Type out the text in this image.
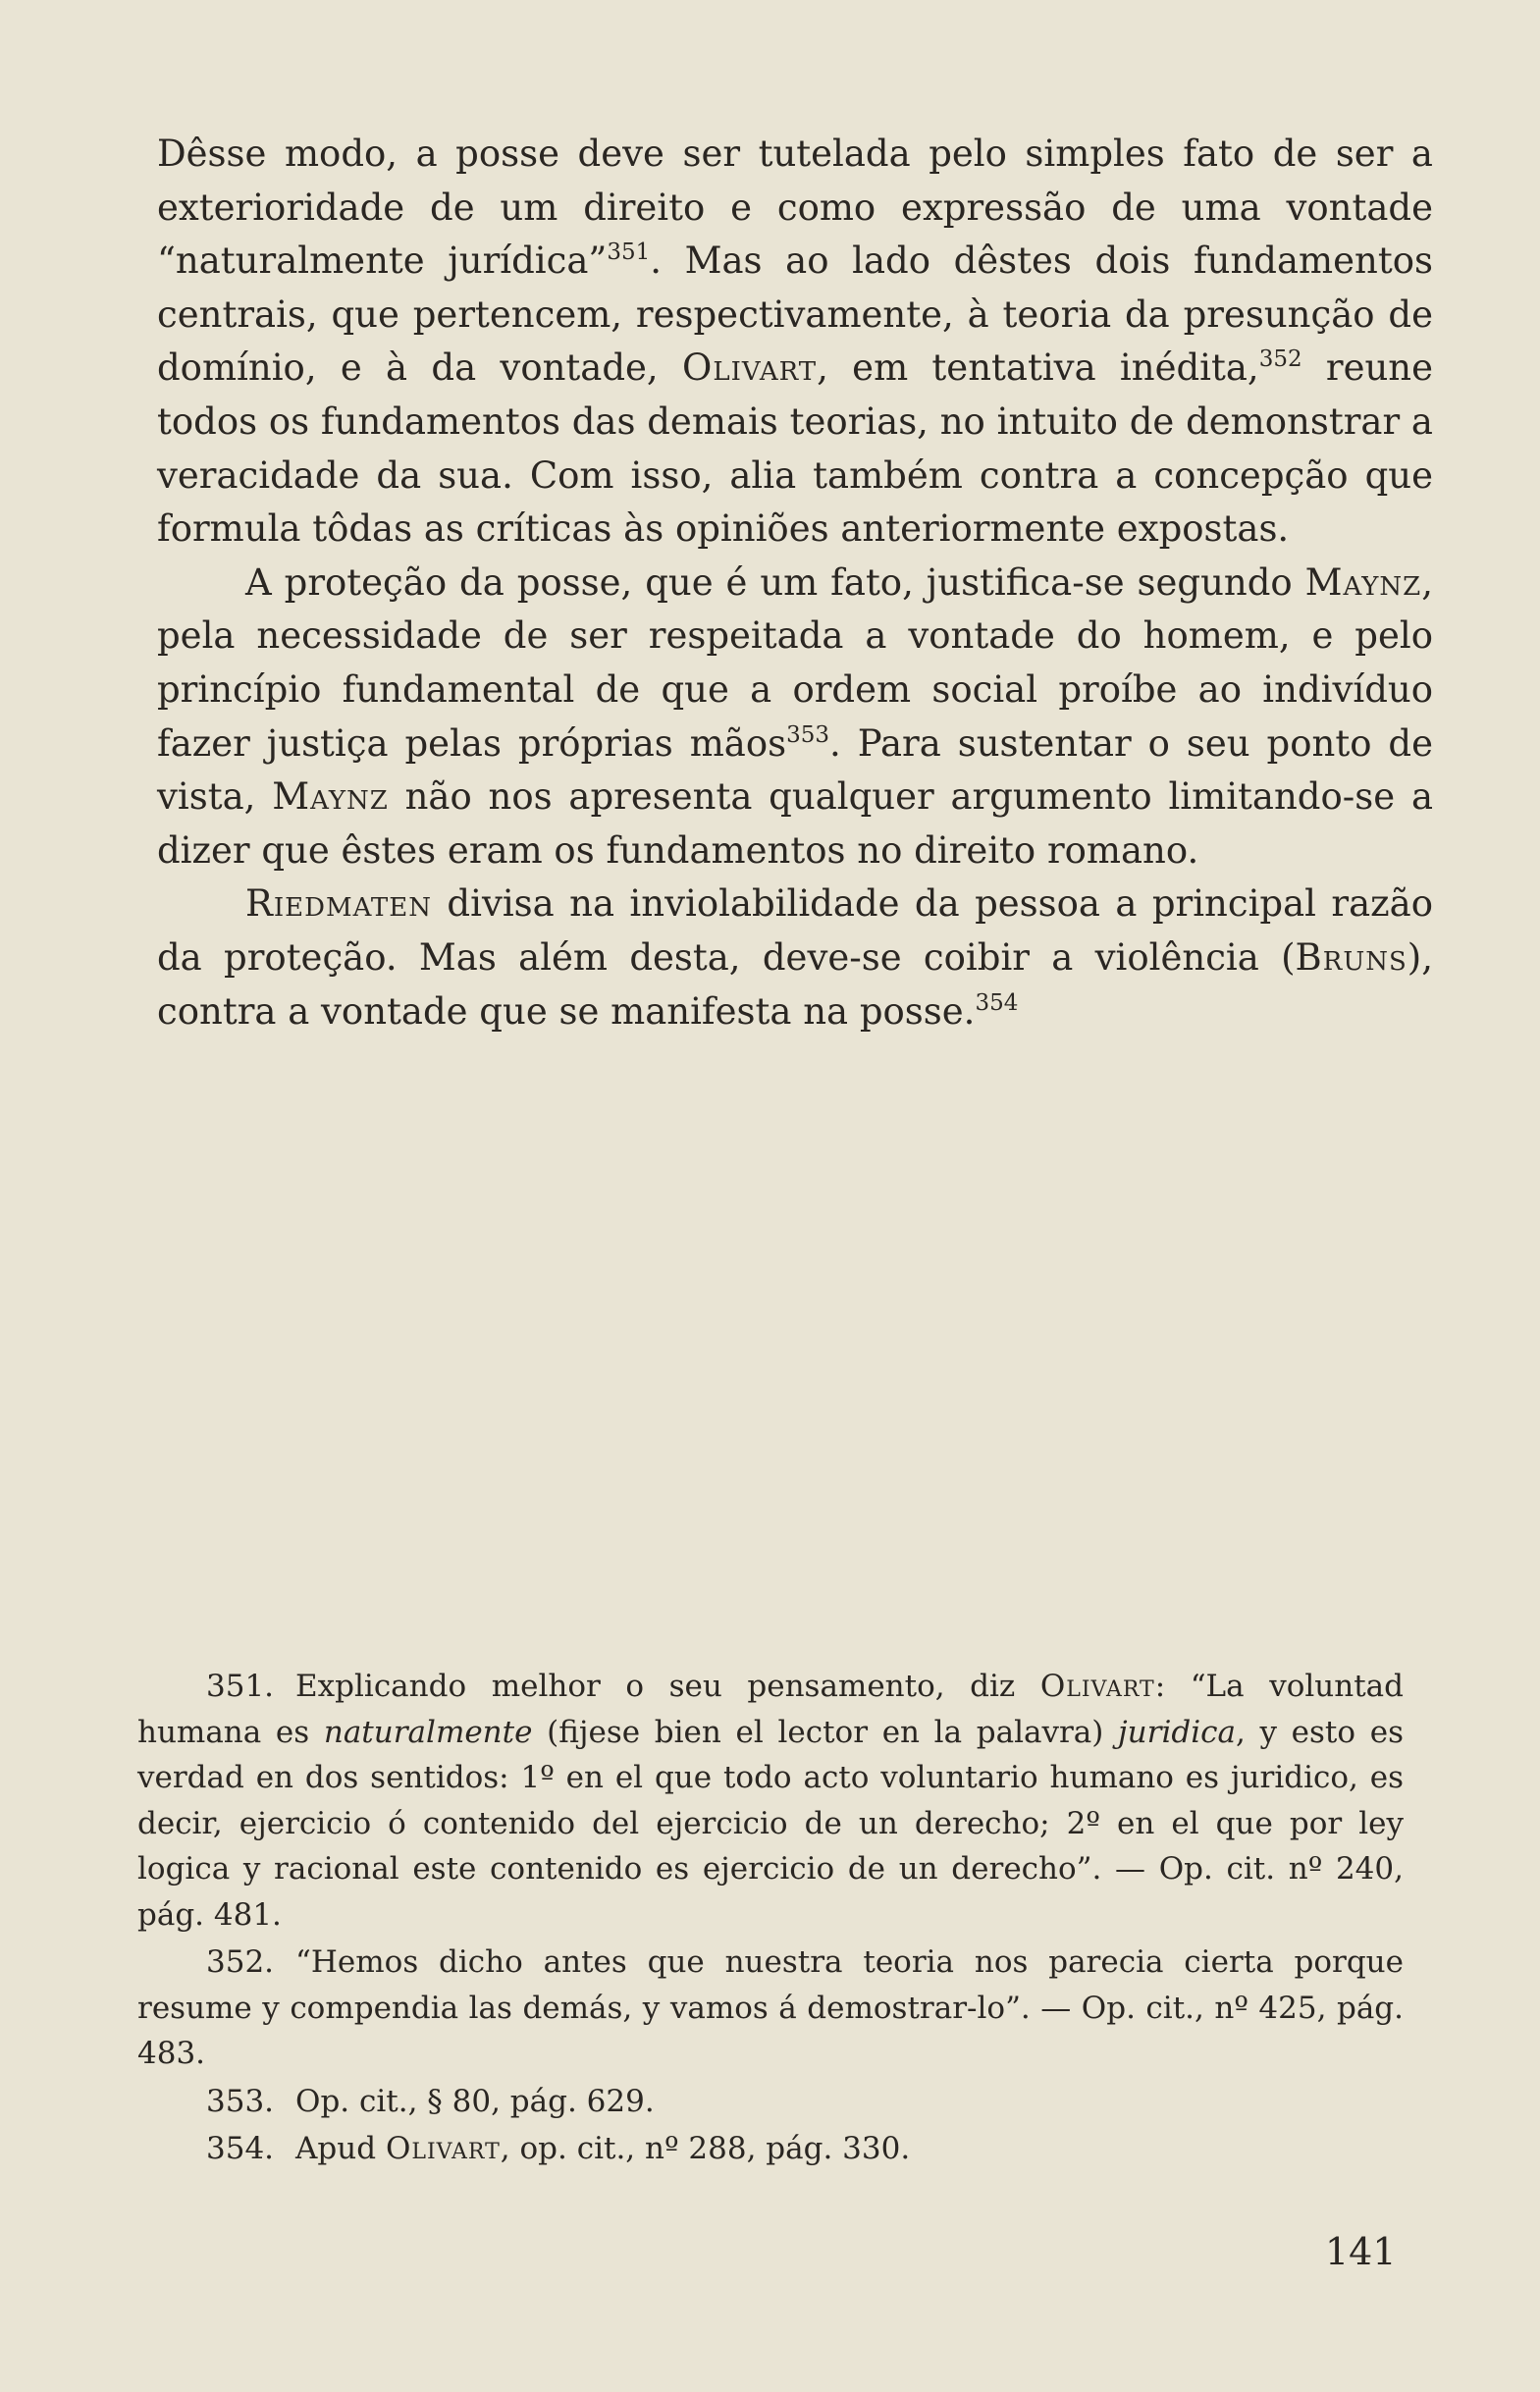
Dêsse modo, a posse deve ser tutelada pelo simples fato de ser a exterioridade de um direito e como expressão de uma vontade “naturalmente jurídica”$^{351}$. Mas ao lado dêstes dois fundamentos centrais, que pertencem, respectivamente, à teoria da presunção de domínio, e à da vontade, Olivart, em tentativa inédita,$^{352}$ reune todos os fundamentos das demais teorias, no intuito de demonstrar a veracidade da sua. Com isso, alia também contra a concepção que formula tôdas as críticas às opiniões anteriormente expostas.

A proteção da posse, que é um fato, justifica-se segundo Maynz, pela necessidade de ser respeitada a vontade do homem, e pelo princípio fundamental de que a ordem social proíbe ao indivíduo fazer justiça pelas próprias mãos$^{353}$. Para sustentar o seu ponto de vista, Maynz não nos apresenta qualquer argumento limitando-se a dizer que êstes eram os fundamentos no direito romano.

Riedmaten divisa na inviolabilidade da pessoa a principal razão da proteção. Mas além desta, deve-se coibir a violência (Bruns), contra a vontade que se manifesta na posse.$^{354}$

351. Explicando melhor o seu pensamento, diz Olivart: “La voluntad humana es naturalmente (fijese bien el lector en la palavra) juridica, y esto es verdad en dos sentidos: 1º en el que todo acto voluntario humano es juridico, es decir, ejercicio ó contenido del ejercicio de un derecho; 2º en el que por ley logica y racional este contenido es ejercicio de un derecho”. — Op. cit. nº 240, pág. 481.

352. “Hemos dicho antes que nuestra teoria nos parecia cierta porque resume y compendia las demás, y vamos á demostrar-lo”. — Op. cit., nº 425, pág. 483.

353. Op. cit., § 80, pág. 629.

354. Apud Olivart, op. cit., nº 288, pág. 330.

141
